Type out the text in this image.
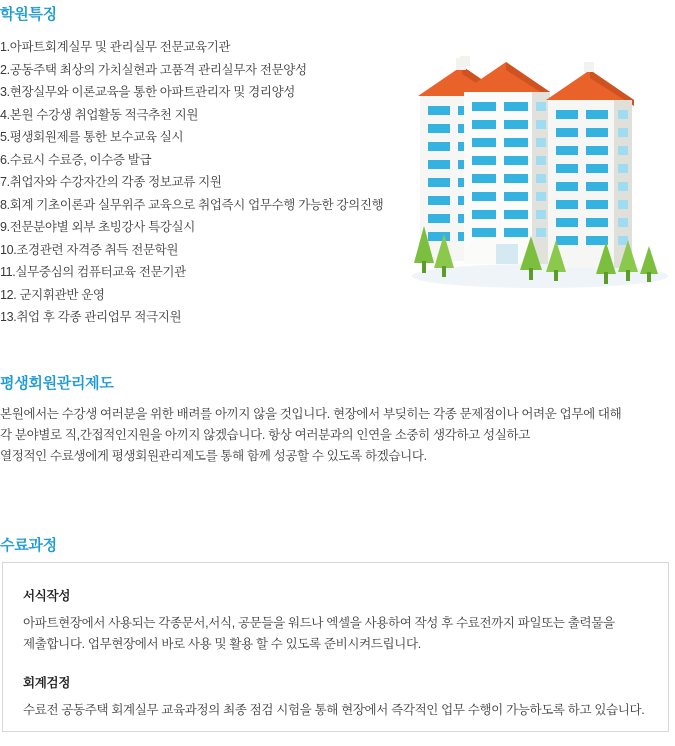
학원특징
1.아파트회계실무 및 관리실무 전문교육기관
2.공동주택 최상의 가치실현과 고품격 관리실무자 전문양성
3.현장실무와 이론교육을 통한 아파트관리자 및 경리양성
4.본원 수강생 취업활동 적극추천 지원
5.평생회원제를 통한 보수교육 실시
6.수료시 수료증, 이수증 발급
7.취업자와 수강자간의 각종 정보교류 지원
8.회계 기초이론과 실무위주 교육으로 취업즉시 업무수행 가능한 강의진행
9.전문분야별 외부 초빙강사 특강실시
10.조경관련 자격증 취득 전문학원
11.실무중심의 컴퓨터교육 전문기관
12. 군지휘관반 운영
13.취업 후 각종 관리업무 적극지원
평생회원관리제도

본원에서는 수강생 여러분을 위한 배려를 아끼지 않을 것입니다. 현장에서 부딪히는 각종 문제점이나 어려운 업무에 대해

각 분야별로 직,간접적인지원을 아끼지 않겠습니다. 항상 여러분과의 인연을 소중히 생각하고 성실하고

열정적인 수료생에게 평생회원관리제도를 통해 함께 성공할 수 있도록 하겠습니다.

수료과정

서식작성

아파트현장에서 사용되는 각종문서,서식, 공문들을 워드나 엑셀을 사용하여 작성 후 수료전까지 파일또는 출력물을

제출합니다. 업무현장에서 바로 사용 및 활용 할 수 있도록 준비시켜드립니다.

회계검정

수료전 공동주택 회계실무 교육과정의 최종 점검 시험을 통해 현장에서 즉각적인 업무 수행이 가능하도록 하고 있습니다.
